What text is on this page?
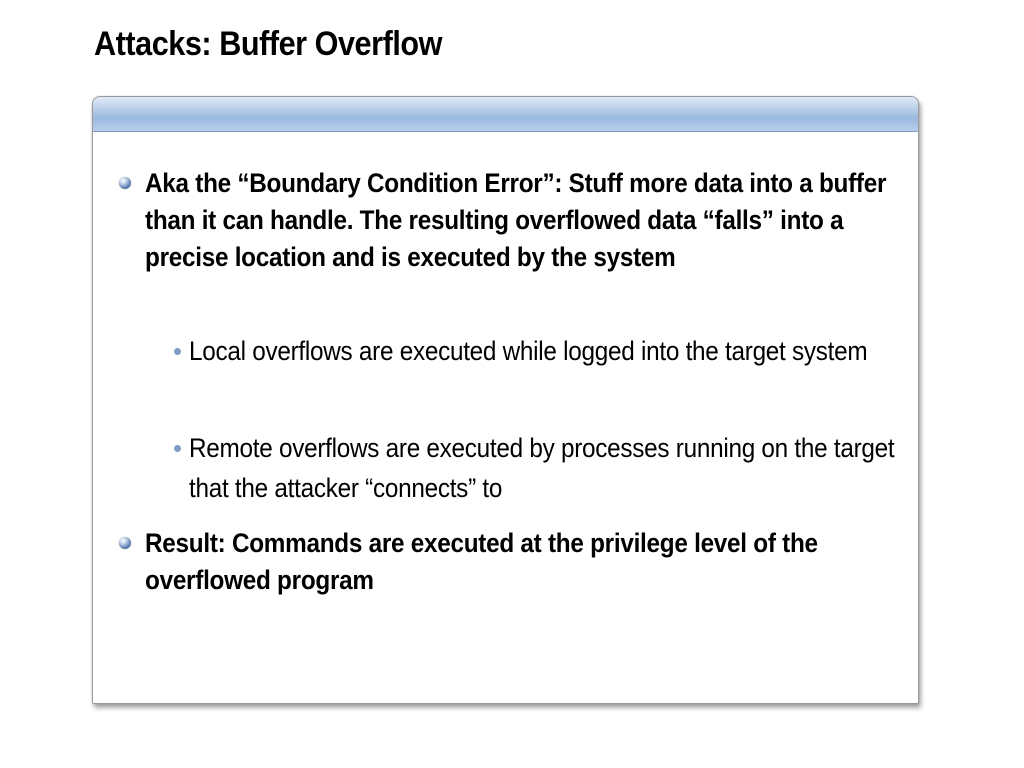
Attacks: Buffer Overflow
Aka the “Boundary Condition Error”: Stuff more data into a buffer than it can handle. The resulting overflowed data “falls” into a precise location and is executed by the system
Local overflows are executed while logged into the target system
Remote overflows are executed by processes running on the target that the attacker “connects” to
Result: Commands are executed at the privilege level of the overflowed program
